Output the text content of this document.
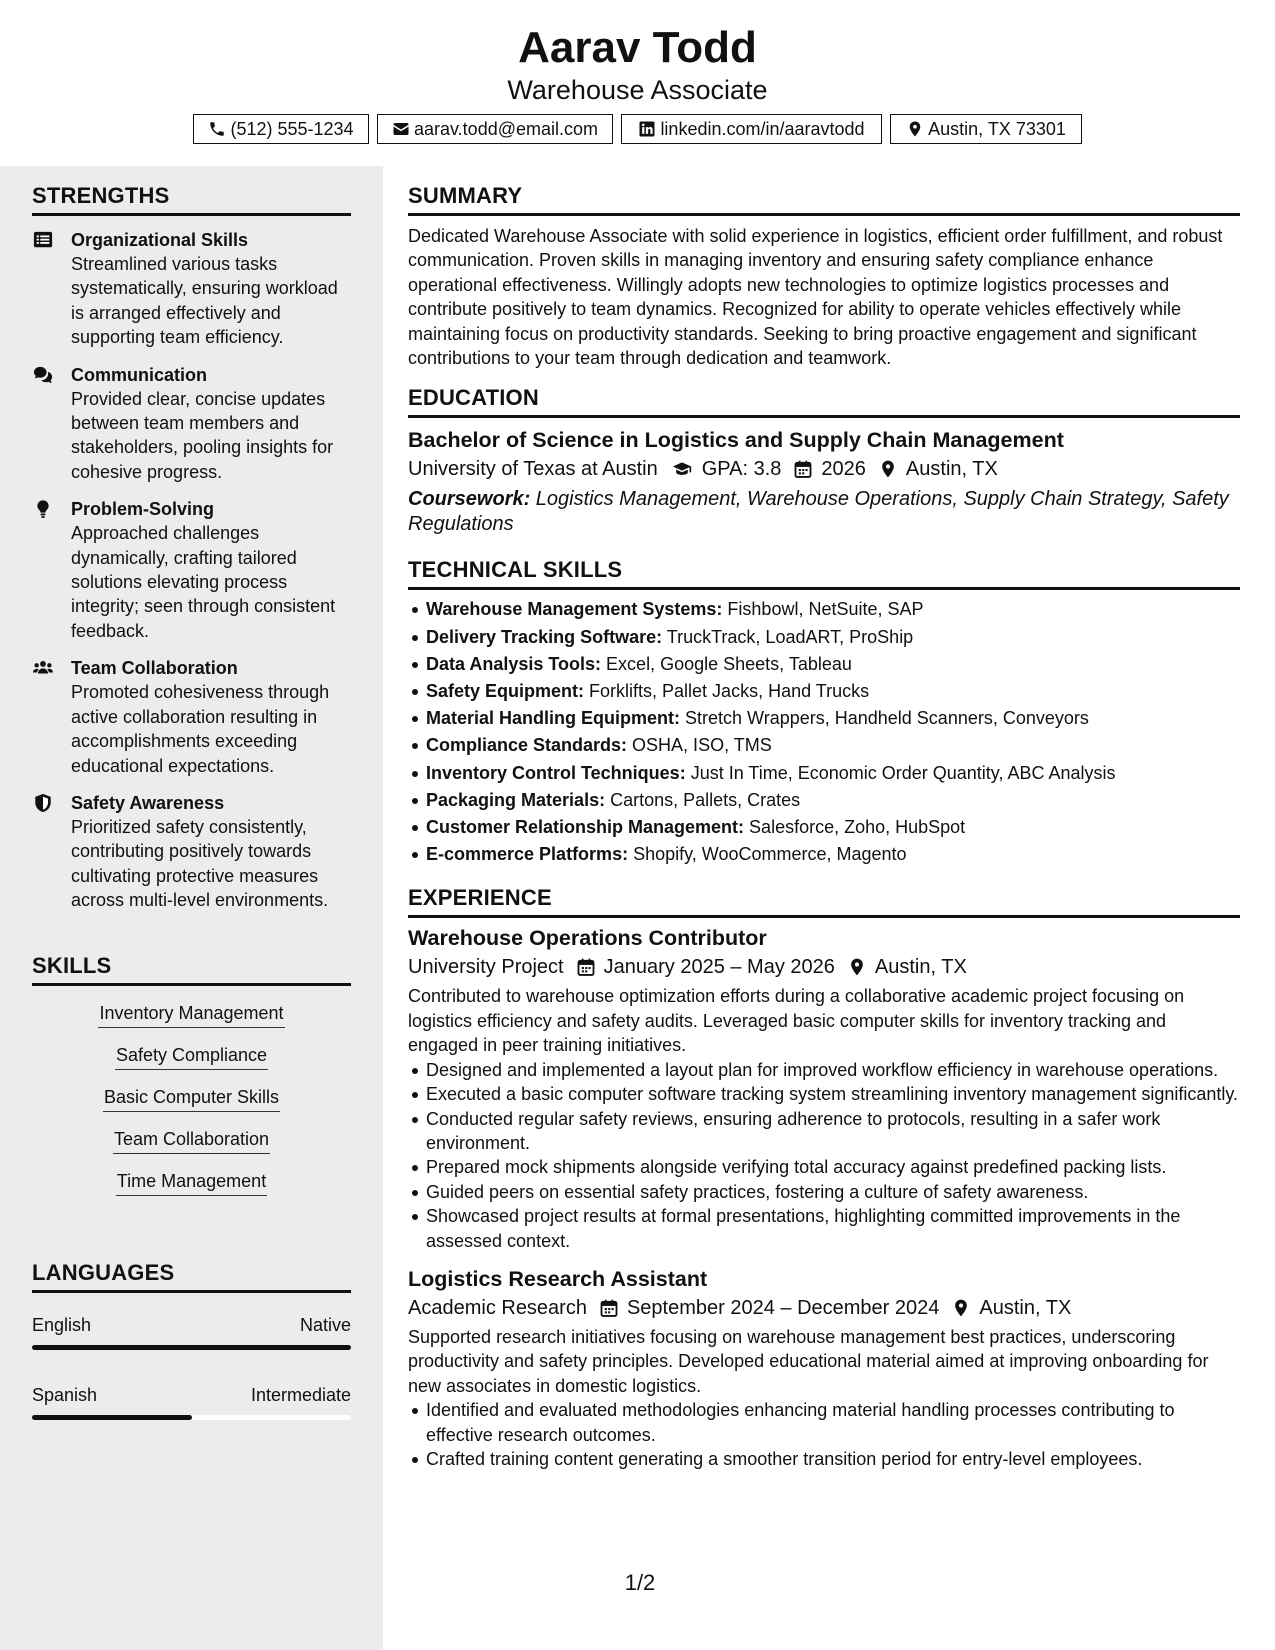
Aarav Todd
Warehouse Associate
(512) 555-1234	aarav.todd@email.com	linkedin.com/in/aaravtodd	Austin, TX 73301
STRENGTHS
Organizational Skills
Streamlined various tasks systematically, ensuring workload is arranged effectively and supporting team efficiency.
Communication
Provided clear, concise updates between team members and stakeholders, pooling insights for cohesive progress.
Problem-Solving
Approached challenges dynamically, crafting tailored solutions elevating process integrity; seen through consistent feedback.
Team Collaboration
Promoted cohesiveness through active collaboration resulting in accomplishments exceeding educational expectations.
Safety Awareness
Prioritized safety consistently, contributing positively towards cultivating protective measures across multi-level environments.
SKILLS
Inventory Management
Safety Compliance
Basic Computer Skills
Team Collaboration
Time Management
LANGUAGES
English	Native
Spanish	Intermediate
SUMMARY
Dedicated Warehouse Associate with solid experience in logistics, efficient order fulfillment, and robust communication. Proven skills in managing inventory and ensuring safety compliance enhance operational effectiveness. Willingly adopts new technologies to optimize logistics processes and contribute positively to team dynamics. Recognized for ability to operate vehicles effectively while maintaining focus on productivity standards. Seeking to bring proactive engagement and significant contributions to your team through dedication and teamwork.
EDUCATION
Bachelor of Science in Logistics and Supply Chain Management
University of Texas at Austin GPA: 3.8 2026 Austin, TX
Coursework: Logistics Management, Warehouse Operations, Supply Chain Strategy, Safety Regulations
TECHNICAL SKILLS
Warehouse Management Systems: Fishbowl, NetSuite, SAP
Delivery Tracking Software: TruckTrack, LoadART, ProShip
Data Analysis Tools: Excel, Google Sheets, Tableau
Safety Equipment: Forklifts, Pallet Jacks, Hand Trucks
Material Handling Equipment: Stretch Wrappers, Handheld Scanners, Conveyors
Compliance Standards: OSHA, ISO, TMS
Inventory Control Techniques: Just In Time, Economic Order Quantity, ABC Analysis
Packaging Materials: Cartons, Pallets, Crates
Customer Relationship Management: Salesforce, Zoho, HubSpot
E-commerce Platforms: Shopify, WooCommerce, Magento
EXPERIENCE
Warehouse Operations Contributor
University Project January 2025 – May 2026 Austin, TX
Contributed to warehouse optimization efforts during a collaborative academic project focusing on logistics efficiency and safety audits. Leveraged basic computer skills for inventory tracking and engaged in peer training initiatives.
Designed and implemented a layout plan for improved workflow efficiency in warehouse operations.
Executed a basic computer software tracking system streamlining inventory management significantly.
Conducted regular safety reviews, ensuring adherence to protocols, resulting in a safer work environment.
Prepared mock shipments alongside verifying total accuracy against predefined packing lists.
Guided peers on essential safety practices, fostering a culture of safety awareness.
Showcased project results at formal presentations, highlighting committed improvements in the assessed context.
Logistics Research Assistant
Academic Research September 2024 – December 2024 Austin, TX
Supported research initiatives focusing on warehouse management best practices, underscoring productivity and safety principles. Developed educational material aimed at improving onboarding for new associates in domestic logistics.
Identified and evaluated methodologies enhancing material handling processes contributing to effective research outcomes.
Crafted training content generating a smoother transition period for entry-level employees.
1/2
